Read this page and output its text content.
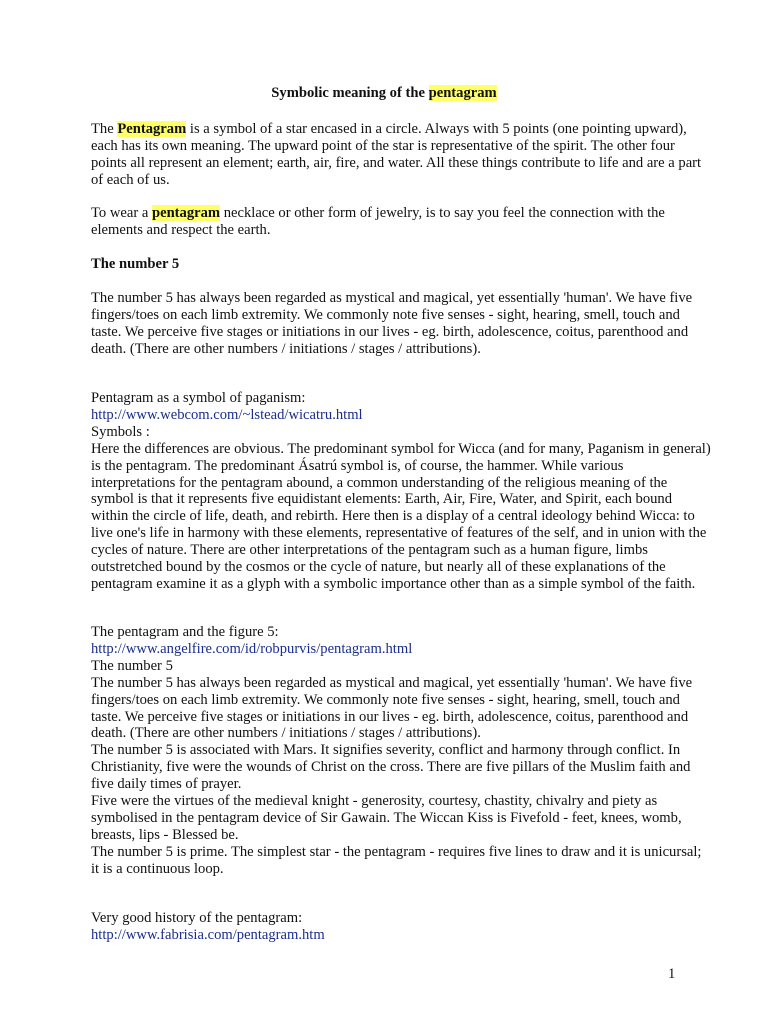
Symbolic meaning of the pentagram

The Pentagram is a symbol of a star encased in a circle. Always with 5 points (one pointing upward), each has its own meaning. The upward point of the star is representative of the spirit. The other four points all represent an element; earth, air, fire, and water. All these things contribute to life and are a part of each of us.

To wear a pentagram necklace or other form of jewelry, is to say you feel the connection with the elements and respect the earth.

The number 5

The number 5 has always been regarded as mystical and magical, yet essentially 'human'. We have five fingers/toes on each limb extremity. We commonly note five senses - sight, hearing, smell, touch and taste. We perceive five stages or initiations in our lives - eg. birth, adolescence, coitus, parenthood and death. (There are other numbers / initiations / stages / attributions).

Pentagram as a symbol of paganism:
http://www.webcom.com/~lstead/wicatru.html
Symbols :
Here the differences are obvious. The predominant symbol for Wicca (and for many, Paganism in general) is the pentagram. The predominant Ásatrú symbol is, of course, the hammer. While various interpretations for the pentagram abound, a common understanding of the religious meaning of the symbol is that it represents five equidistant elements: Earth, Air, Fire, Water, and Spirit, each bound within the circle of life, death, and rebirth. Here then is a display of a central ideology behind Wicca: to live one's life in harmony with these elements, representative of features of the self, and in union with the cycles of nature. There are other interpretations of the pentagram such as a human figure, limbs outstretched bound by the cosmos or the cycle of nature, but nearly all of these explanations of the pentagram examine it as a glyph with a symbolic importance other than as a simple symbol of the faith.
The pentagram and the figure 5:
http://www.angelfire.com/id/robpurvis/pentagram.html
The number 5
The number 5 has always been regarded as mystical and magical, yet essentially 'human'. We have five fingers/toes on each limb extremity. We commonly note five senses - sight, hearing, smell, touch and taste. We perceive five stages or initiations in our lives - eg. birth, adolescence, coitus, parenthood and death. (There are other numbers / initiations / stages / attributions).
The number 5 is associated with Mars. It signifies severity, conflict and harmony through conflict. In Christianity, five were the wounds of Christ on the cross. There are five pillars of the Muslim faith and five daily times of prayer.
Five were the virtues of the medieval knight - generosity, courtesy, chastity, chivalry and piety as symbolised in the pentagram device of Sir Gawain. The Wiccan Kiss is Fivefold - feet, knees, womb, breasts, lips - Blessed be.
The number 5 is prime. The simplest star - the pentagram - requires five lines to draw and it is unicursal; it is a continuous loop.
Very good history of the pentagram:
http://www.fabrisia.com/pentagram.htm
1
